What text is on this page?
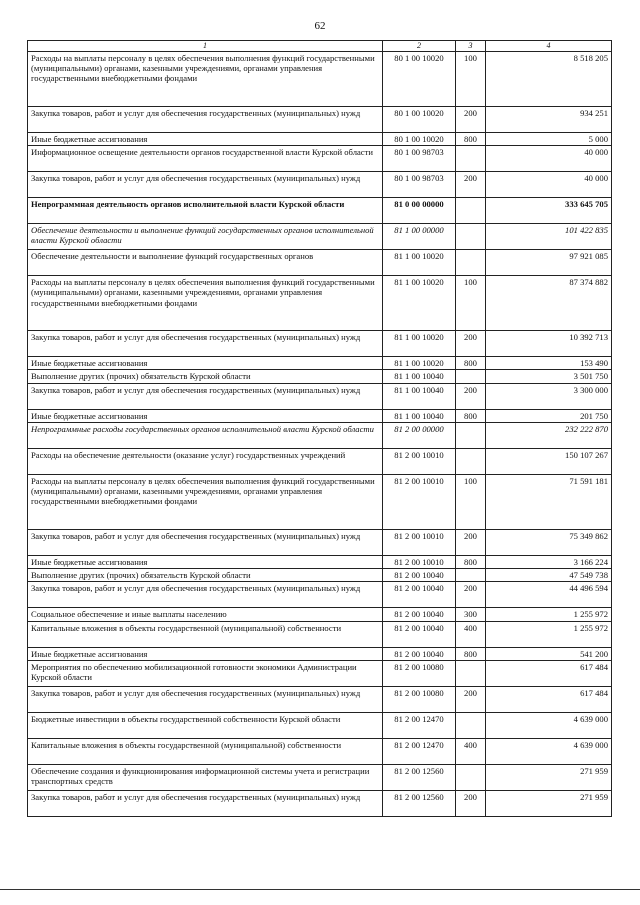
62
1	2	3	4
Расходы на выплаты персоналу в целях обеспечения выполнения функций государственными (муниципальными) органами, казенными учреждениями, органами управления государственными внебюджетными фондами	80 1 00 10020	100	8 518 205
Закупка товаров, работ и услуг для обеспечения государственных (муниципальных) нужд	80 1 00 10020	200	934 251
Иные бюджетные ассигнования	80 1 00 10020	800	5 000
Информационное освещение деятельности органов государственной власти Курской области	80 1 00 98703		40 000
Закупка товаров, работ и услуг для обеспечения государственных (муниципальных) нужд	80 1 00 98703	200	40 000
Непрограммная деятельность органов исполнительной власти Курской области	81 0 00 00000		333 645 705
Обеспечение деятельности и выполнение функций государственных органов исполнительной власти Курской области	81 1 00 00000		101 422 835
Обеспечение деятельности и выполнение функций государственных органов	81 1 00 10020		97 921 085
Расходы на выплаты персоналу в целях обеспечения выполнения функций государственными (муниципальными) органами, казенными учреждениями, органами управления государственными внебюджетными фондами	81 1 00 10020	100	87 374 882
Закупка товаров, работ и услуг для обеспечения государственных (муниципальных) нужд	81 1 00 10020	200	10 392 713
Иные бюджетные ассигнования	81 1 00 10020	800	153 490
Выполнение других (прочих) обязательств Курской области	81 1 00 10040		3 501 750
Закупка товаров, работ и услуг для обеспечения государственных (муниципальных) нужд	81 1 00 10040	200	3 300 000
Иные бюджетные ассигнования	81 1 00 10040	800	201 750
Непрограммные расходы государственных органов исполнительной власти Курской области	81 2 00 00000		232 222 870
Расходы на обеспечение деятельности (оказание услуг) государственных учреждений	81 2 00 10010		150 107 267
Расходы на выплаты персоналу в целях обеспечения выполнения функций государственными (муниципальными) органами, казенными учреждениями, органами управления государственными внебюджетными фондами	81 2 00 10010	100	71 591 181
Закупка товаров, работ и услуг для обеспечения государственных (муниципальных) нужд	81 2 00 10010	200	75 349 862
Иные бюджетные ассигнования	81 2 00 10010	800	3 166 224
Выполнение других (прочих) обязательств Курской области	81 2 00 10040		47 549 738
Закупка товаров, работ и услуг для обеспечения государственных (муниципальных) нужд	81 2 00 10040	200	44 496 594
Социальное обеспечение и иные выплаты населению	81 2 00 10040	300	1 255 972
Капитальные вложения в объекты государственной (муниципальной) собственности	81 2 00 10040	400	1 255 972
Иные бюджетные ассигнования	81 2 00 10040	800	541 200
Мероприятия по обеспечению мобилизационной готовности экономики Администрации Курской области	81 2 00 10080		617 484
Закупка товаров, работ и услуг для обеспечения государственных (муниципальных) нужд	81 2 00 10080	200	617 484
Бюджетные инвестиции в объекты государственной собственности Курской области	81 2 00 12470		4 639 000
Капитальные вложения в объекты государственной (муниципальной) собственности	81 2 00 12470	400	4 639 000
Обеспечение создания и функционирования информационной системы учета и регистрации транспортных средств	81 2 00 12560		271 959
Закупка товаров, работ и услуг для обеспечения государственных (муниципальных) нужд	81 2 00 12560	200	271 959
